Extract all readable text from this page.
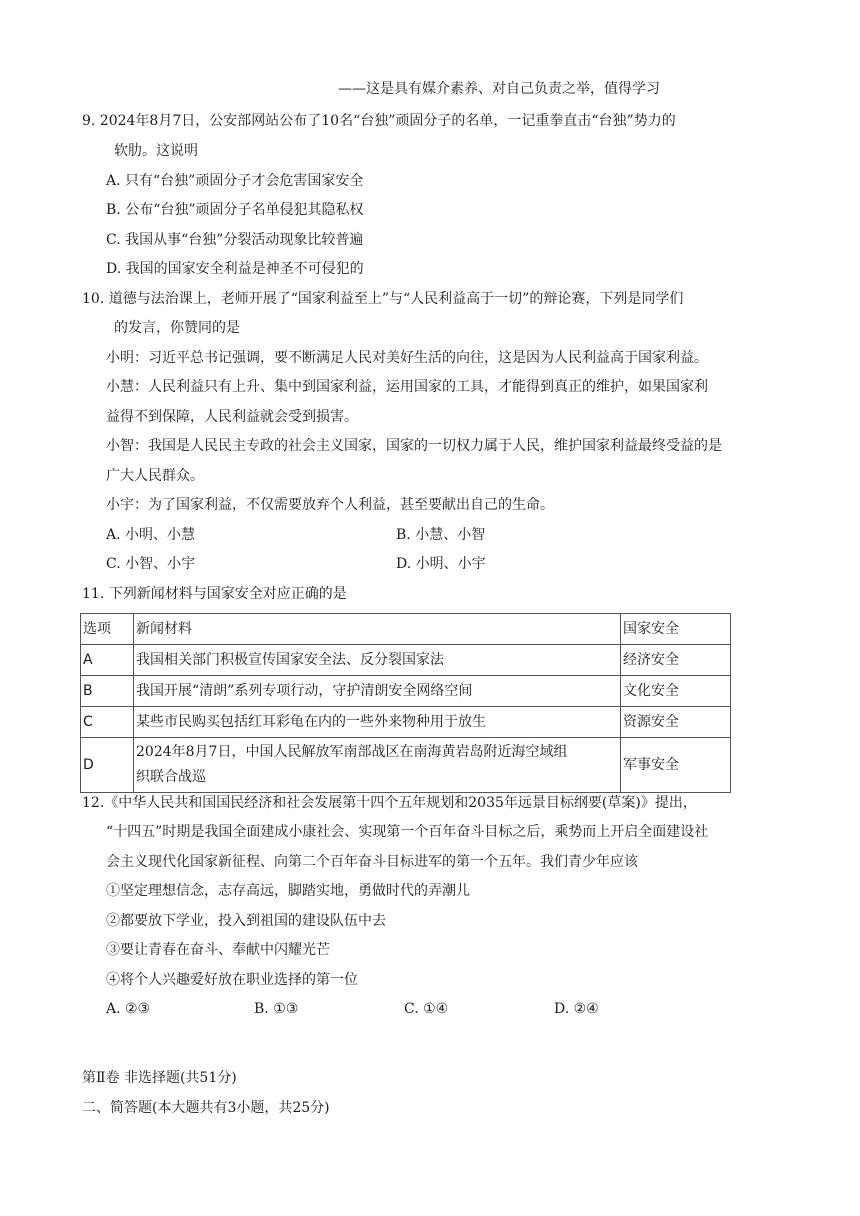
——这是具有媒介素养、对自己负责之举，值得学习
9. 2024年8月7日，公安部网站公布了10名“台独”顽固分子的名单，一记重拳直击“台独”势力的
软肋。这说明
A. 只有“台独”顽固分子才会危害国家安全
B. 公布“台独”顽固分子名单侵犯其隐私权
C. 我国从事“台独”分裂活动现象比较普遍
D. 我国的国家安全利益是神圣不可侵犯的
10. 道德与法治课上，老师开展了“国家利益至上”与“人民利益高于一切”的辩论赛，下列是同学们
的发言，你赞同的是
小明：习近平总书记强调，要不断满足人民对美好生活的向往，这是因为人民利益高于国家利益。
小慧：人民利益只有上升、集中到国家利益，运用国家的工具，才能得到真正的维护，如果国家利
益得不到保障，人民利益就会受到损害。
小智：我国是人民民主专政的社会主义国家，国家的一切权力属于人民，维护国家利益最终受益的是
广大人民群众。
小宇：为了国家利益，不仅需要放弃个人利益，甚至要献出自己的生命。
A. 小明、小慧	B. 小慧、小智
C. 小智、小宇	D. 小明、小宇
11. 下列新闻材料与国家安全对应正确的是
选项	新闻材料	国家安全
A	我国相关部门积极宣传国家安全法、反分裂国家法	经济安全
B	我国开展“清朗”系列专项行动，守护清朗安全网络空间	文化安全
C	某些市民购买包括红耳彩龟在内的一些外来物种用于放生	资源安全
D	2024年8月7日，中国人民解放军南部战区在南海黄岩岛附近海空域组
织联合战巡	军事安全
12.《中华人民共和国国民经济和社会发展第十四个五年规划和2035年远景目标纲要(草案)》提出，
“十四五”时期是我国全面建成小康社会、实现第一个百年奋斗目标之后，乘势而上开启全面建设社
会主义现代化国家新征程、向第二个百年奋斗目标进军的第一个五年。我们青少年应该
①坚定理想信念，志存高远，脚踏实地，勇做时代的弄潮儿
②都要放下学业，投入到祖国的建设队伍中去
③要让青春在奋斗、奉献中闪耀光芒
④将个人兴趣爱好放在职业选择的第一位
A. ②③	B. ①③	C. ①④	D. ②④
第Ⅱ卷 非选择题(共51分)
二、简答题(本大题共有3小题，共25分)
